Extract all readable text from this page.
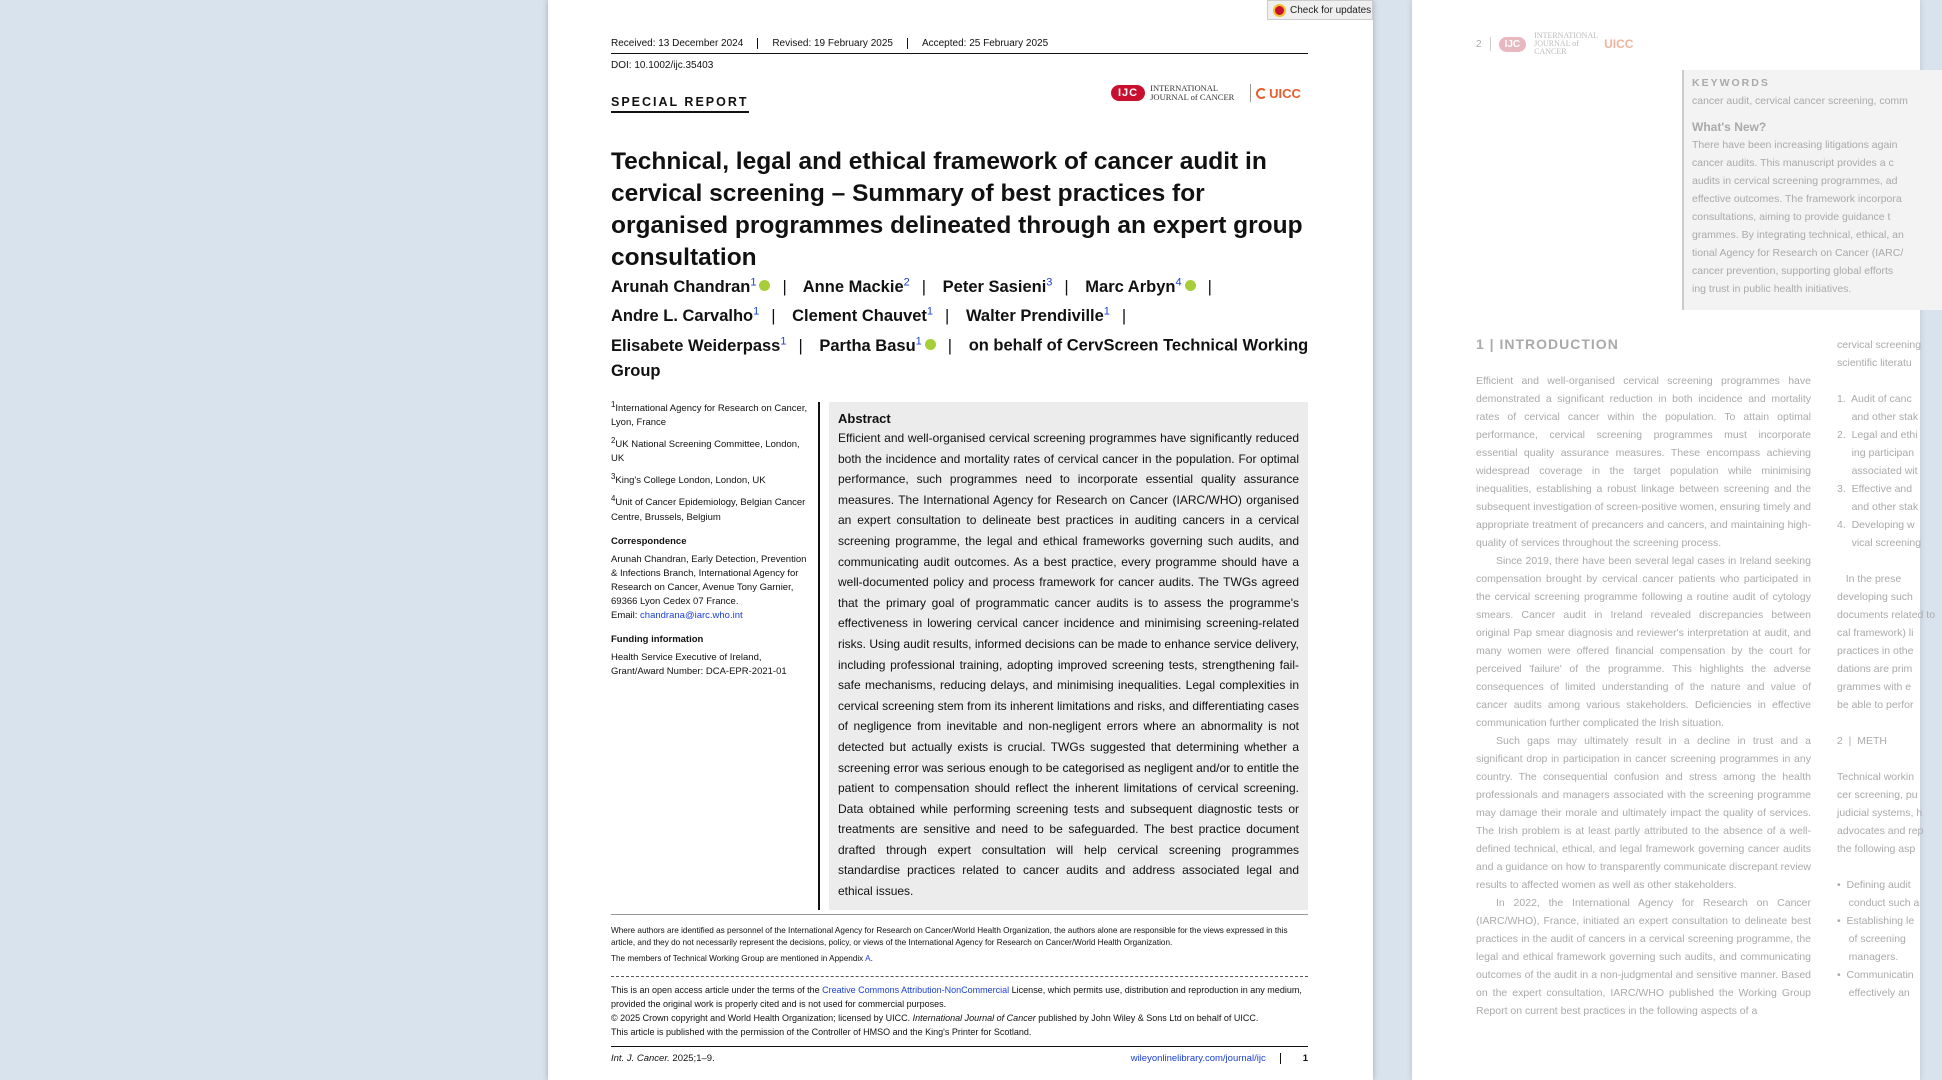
Check for updates
Received: 13 December 2024	Revised: 19 February 2025	Accepted: 25 February 2025
DOI: 10.1002/ijc.35403
SPECIAL REPORT
IJC	INTERNATIONAL JOURNAL of CANCER	UICC
Technical, legal and ethical framework of cancer audit in cervical screening – Summary of best practices for organised programmes delineated through an expert group consultation
Arunah Chandran$^1$ | Anne Mackie$^2$ | Peter Sasieni$^3$ | Marc Arbyn$^4$ |
Andre L. Carvalho$^1$ | Clement Chauvet$^1$ | Walter Prendiville$^1$ |
Elisabete Weiderpass$^1$ | Partha Basu$^1$ | on behalf of CervScreen Technical Working Group

$^1$International Agency for Research on Cancer, Lyon, France

$^2$UK National Screening Committee, London, UK

$^3$King's College London, London, UK

$^4$Unit of Cancer Epidemiology, Belgian Cancer Centre, Brussels, Belgium

Correspondence

Arunah Chandran, Early Detection, Prevention & Infections Branch, International Agency for Research on Cancer, Avenue Tony Garnier, 69366 Lyon Cedex 07 France.

Email: chandrana@iarc.who.int

Funding information

Health Service Executive of Ireland, Grant/Award Number: DCA-EPR-2021-01

Abstract

Efficient and well-organised cervical screening programmes have significantly reduced both the incidence and mortality rates of cervical cancer in the population. For optimal performance, such programmes need to incorporate essential quality assurance measures. The International Agency for Research on Cancer (IARC/WHO) organised an expert consultation to delineate best practices in auditing cancers in a cervical screening programme, the legal and ethical frameworks governing such audits, and communicating audit outcomes. As a best practice, every programme should have a well-documented policy and process framework for cancer audits. The TWGs agreed that the primary goal of programmatic cancer audits is to assess the programme's effectiveness in lowering cervical cancer incidence and minimising screening-related risks. Using audit results, informed decisions can be made to enhance service delivery, including professional training, adopting improved screening tests, strengthening fail-safe mechanisms, reducing delays, and minimising inequalities. Legal complexities in cervical screening stem from its inherent limitations and risks, and differentiating cases of negligence from inevitable and non-negligent errors where an abnormality is not detected but actually exists is crucial. TWGs suggested that determining whether a screening error was serious enough to be categorised as negligent and/or to entitle the patient to compensation should reflect the inherent limitations of cervical screening. Data obtained while performing screening tests and subsequent diagnostic tests or treatments are sensitive and need to be safeguarded. The best practice document drafted through expert consultation will help cervical screening programmes standardise practices related to cancer audits and address associated legal and ethical issues.

Where authors are identified as personnel of the International Agency for Research on Cancer/World Health Organization, the authors alone are responsible for the views expressed in this article, and they do not necessarily represent the decisions, policy, or views of the International Agency for Research on Cancer/World Health Organization.

The members of Technical Working Group are mentioned in Appendix A.

This is an open access article under the terms of the Creative Commons Attribution-NonCommercial License, which permits use, distribution and reproduction in any medium, provided the original work is properly cited and is not used for commercial purposes.

© 2025 Crown copyright and World Health Organization; licensed by UICC. International Journal of Cancer published by John Wiley & Sons Ltd on behalf of UICC.

This article is published with the permission of the Controller of HMSO and the King's Printer for Scotland.

Int. J. Cancer. 2025;1–9.	wileyonlinelibrary.com/journal/ijc	1
2	IJC
INTERNATIONAL JOURNAL of CANCER
UICC
KEYWORDS
cancer audit, cervical cancer screening, comm
What's New?
There have been increasing litigations again
cancer audits. This manuscript provides a c
audits in cervical screening programmes, ad
effective outcomes. The framework incorpora
consultations, aiming to provide guidance t
grammes. By integrating technical, ethical, an
tional Agency for Research on Cancer (IARC/
cancer prevention, supporting global efforts
ing trust in public health initiatives.
1 | INTRODUCTION

Efficient and well-organised cervical screening programmes have demonstrated a significant reduction in both incidence and mortality rates of cervical cancer within the population. To attain optimal performance, cervical screening programmes must incorporate essential quality assurance measures. These encompass achieving widespread coverage in the target population while minimising inequalities, establishing a robust linkage between screening and the subsequent investigation of screen-positive women, ensuring timely and appropriate treatment of precancers and cancers, and maintaining high-quality of services throughout the screening process.

Since 2019, there have been several legal cases in Ireland seeking compensation brought by cervical cancer patients who participated in the cervical screening programme following a routine audit of cytology smears. Cancer audit in Ireland revealed discrepancies between original Pap smear diagnosis and reviewer's interpretation at audit, and many women were offered financial compensation by the court for perceived 'failure' of the programme. This highlights the adverse consequences of limited understanding of the nature and value of cancer audits among various stakeholders. Deficiencies in effective communication further complicated the Irish situation.

Such gaps may ultimately result in a decline in trust and a significant drop in participation in cancer screening programmes in any country. The consequential confusion and stress among the health professionals and managers associated with the screening programme may damage their morale and ultimately impact the quality of services. The Irish problem is at least partly attributed to the absence of a well-defined technical, ethical, and legal framework governing cancer audits and a guidance on how to transparently communicate discrepant review results to affected women as well as other stakeholders.

In 2022, the International Agency for Research on Cancer (IARC/WHO), France, initiated an expert consultation to delineate best practices in the audit of cancers in a cervical screening programme, the legal and ethical framework governing such audits, and communicating outcomes of the audit in a non-judgmental and sensitive manner. Based on the expert consultation, IARC/WHO published the Working Group Report on current best practices in the following aspects of a

cervical screening
scientific literatu
1.  Audit of canc
and other stak
2.  Legal and ethi
ing participan
associated wit
3.  Effective and
and other stak
4.  Developing w
vical screening
In the prese
developing such
documents related to
cal framework) li
practices in othe
dations are prim
grammes with e
be able to perfor
2  |  METH
Technical workin
cer screening, pu
judicial systems, h
advocates and rep
the following asp
•  Defining audit
conduct such a
•  Establishing le
of screening
managers.
•  Communicatin
effectively an
